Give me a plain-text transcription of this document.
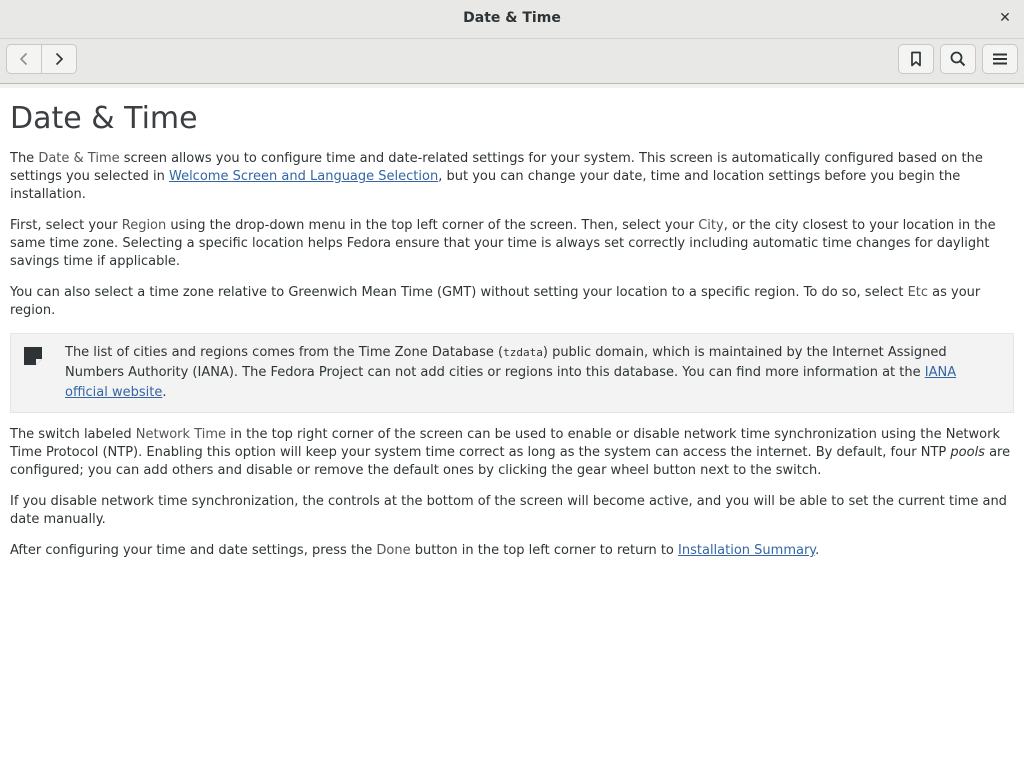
Date & Time	✕
Date & Time

The Date & Time screen allows you to configure time and date-related settings for your system. This screen is automatically configured based on the settings you selected in Welcome Screen and Language Selection, but you can change your date, time and location settings before you begin the installation.

First, select your Region using the drop-down menu in the top left corner of the screen. Then, select your City, or the city closest to your location in the same time zone. Selecting a specific location helps Fedora ensure that your time is always set correctly including automatic time changes for daylight savings time if applicable.

You can also select a time zone relative to Greenwich Mean Time (GMT) without setting your location to a specific region. To do so, select Etc as your region.

The list of cities and regions comes from the Time Zone Database (tzdata) public domain, which is maintained by the Internet Assigned Numbers Authority (IANA). The Fedora Project can not add cities or regions into this database. You can find more information at the IANA official website.

The switch labeled Network Time in the top right corner of the screen can be used to enable or disable network time synchronization using the Network Time Protocol (NTP). Enabling this option will keep your system time correct as long as the system can access the internet. By default, four NTP pools are configured; you can add others and disable or remove the default ones by clicking the gear wheel button next to the switch.

If you disable network time synchronization, the controls at the bottom of the screen will become active, and you will be able to set the current time and date manually.

After configuring your time and date settings, press the Done button in the top left corner to return to Installation Summary.
